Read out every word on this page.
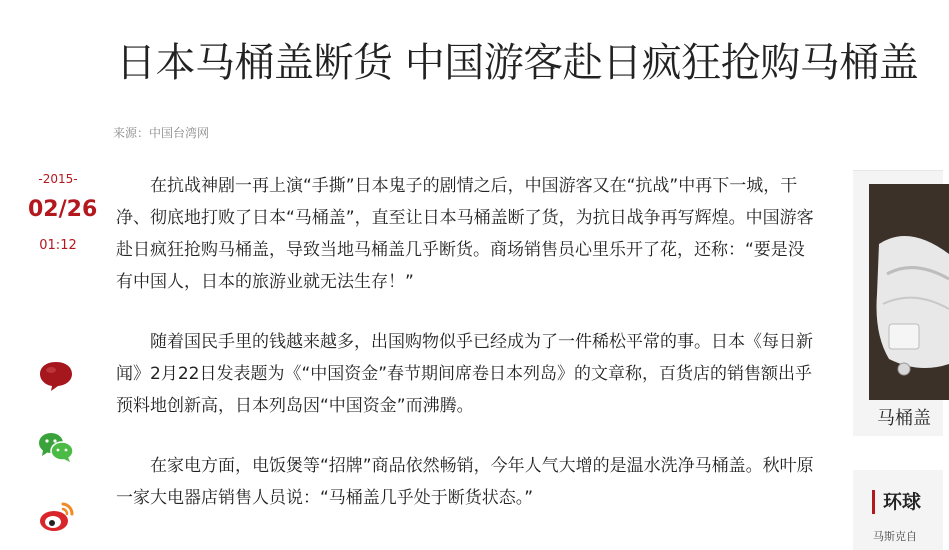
日本马桶盖断货 中国游客赴日疯狂抢购马桶盖
来源：中国台湾网
-2015-
02/26
01:12

在抗战神剧一再上演“手撕”日本鬼子的剧情之后，中国游客又在“抗战”中再下一城，干净、彻底地打败了日本“马桶盖”，直至让日本马桶盖断了货，为抗日战争再写辉煌。中国游客赴日疯狂抢购马桶盖，导致当地马桶盖几乎断货。商场销售员心里乐开了花，还称：“要是没有中国人，日本的旅游业就无法生存！”

随着国民手里的钱越来越多，出国购物似乎已经成为了一件稀松平常的事。日本《每日新闻》2月22日发表题为《“中国资金”春节期间席卷日本列岛》的文章称，百货店的销售额出乎预料地创新高，日本列岛因“中国资金”而沸腾。

在家电方面，电饭煲等“招牌”商品依然畅销，今年人气大增的是温水洗净马桶盖。秋叶原一家大电器店销售人员说：“马桶盖几乎处于断货状态。”

马桶盖
环球
马斯克自
